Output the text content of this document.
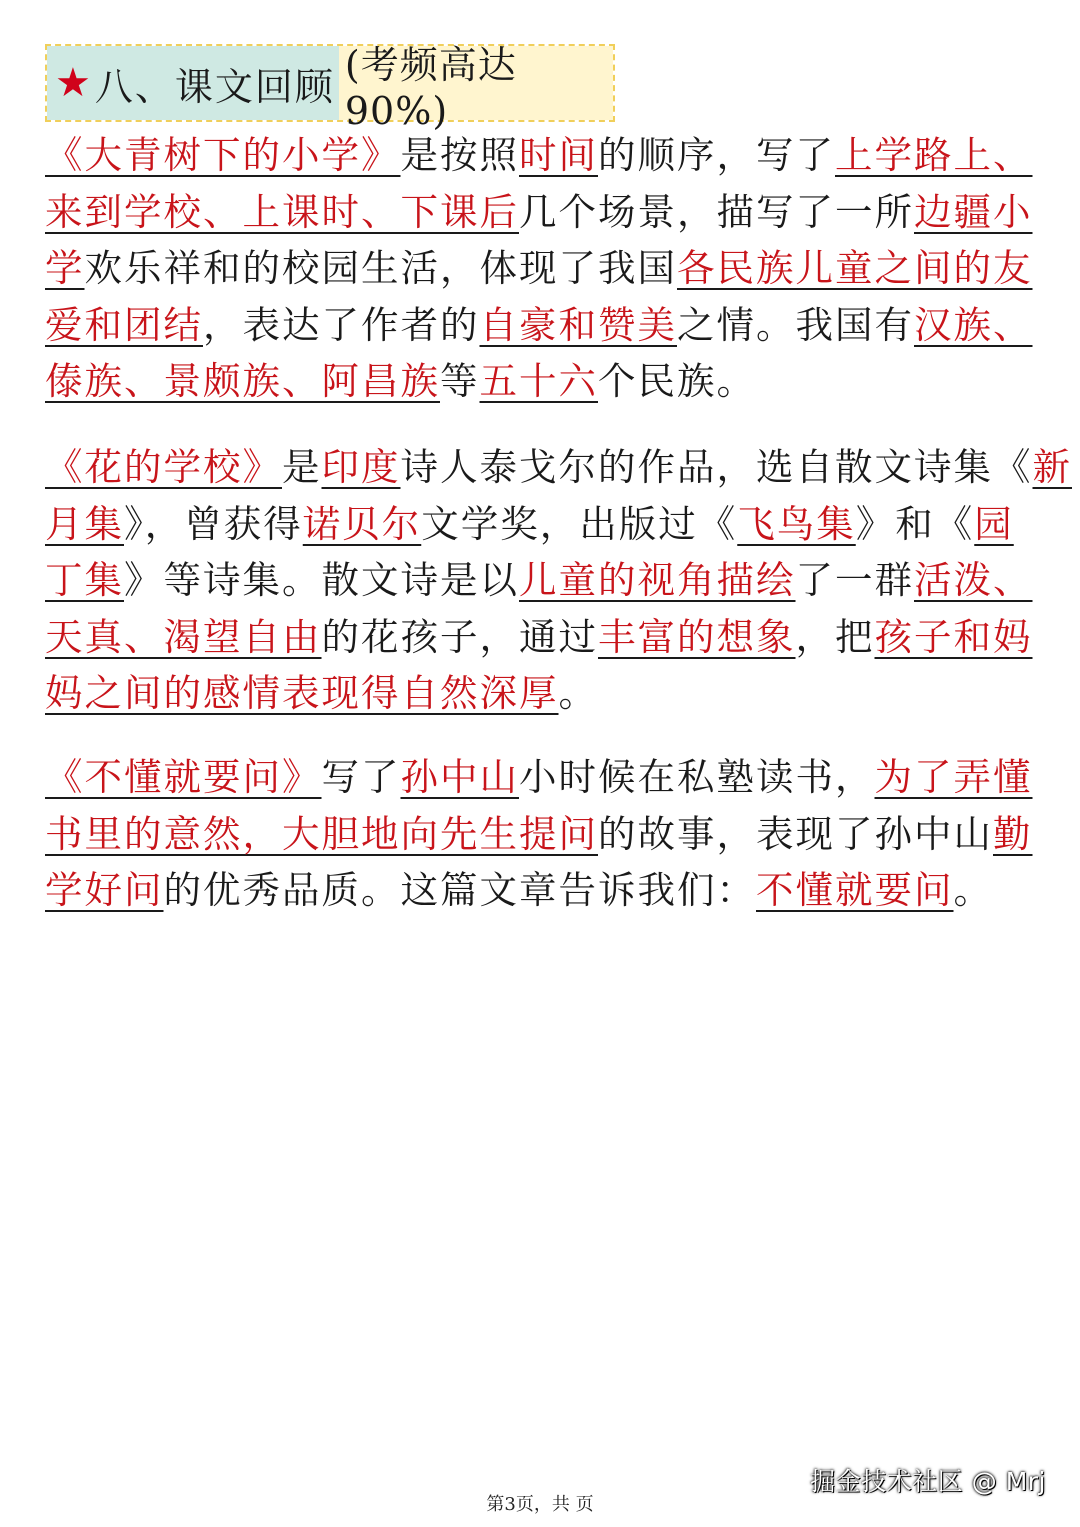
★ 八、课文回顾 (考频高达 90%)
《大青树下的小学》是按照时间的顺序，写了上学路上、
来到学校、上课时、下课后几个场景，描写了一所边疆小
学欢乐祥和的校园生活，体现了我国各民族儿童之间的友
爱和团结，表达了作者的自豪和赞美之情。我国有汉族、
傣族、景颇族、阿昌族等五十六个民族。
《花的学校》是印度诗人泰戈尔的作品，选自散文诗集《新
月集》，曾获得诺贝尔文学奖，出版过《飞鸟集》和《园
丁集》等诗集。散文诗是以儿童的视角描绘了一群活泼、
天真、渴望自由的花孩子，通过丰富的想象，把孩子和妈
妈之间的感情表现得自然深厚。
《不懂就要问》写了孙中山小时候在私塾读书，为了弄懂
书里的意然，大胆地向先生提问的故事，表现了孙中山勤
学好问的优秀品质。这篇文章告诉我们：不懂就要问。
掘金技术社区 @ Mrj
第3页，共 页
